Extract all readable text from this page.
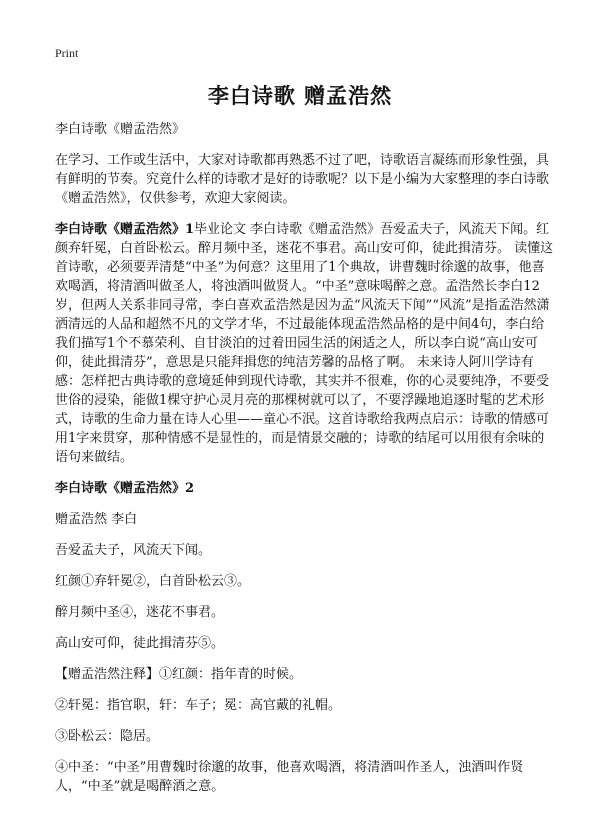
Print
李白诗歌 赠孟浩然

李白诗歌《赠孟浩然》

在学习、工作或生活中，大家对诗歌都再熟悉不过了吧，诗歌语言凝练而形象性强，具有鲜明的节奏。究竟什么样的诗歌才是好的诗歌呢？以下是小编为大家整理的李白诗歌《赠孟浩然》，仅供参考，欢迎大家阅读。

李白诗歌《赠孟浩然》1毕业论文 李白诗歌《赠孟浩然》吾爱孟夫子，风流天下闻。红颜弃轩冕，白首卧松云。醉月频中圣，迷花不事君。高山安可仰，徒此揖清芬。 读懂这首诗歌，必须要弄清楚“中圣”为何意？这里用了1个典故，讲曹魏时徐邈的故事，他喜欢喝酒，将清酒叫做圣人，将浊酒叫做贤人。“中圣”意味喝醉之意。孟浩然长李白12岁，但两人关系非同寻常，李白喜欢孟浩然是因为孟“风流天下闻”“风流”是指孟浩然潇洒清远的人品和超然不凡的文学才华，不过最能体现孟浩然品格的是中间4句，李白给我们描写1个不慕荣利、自甘淡泊的过着田园生活的闲适之人，所以李白说“高山安可仰，徒此揖清芬”，意思是只能拜揖您的纯洁芳馨的品格了啊。 未来诗人阿川学诗有感：怎样把古典诗歌的意境延伸到现代诗歌，其实并不很难，你的心灵要纯净，不要受世俗的浸染，能做1棵守护心灵月亮的那棵树就可以了，不要浮躁地追逐时髦的艺术形式，诗歌的生命力量在诗人心里——童心不泯。这首诗歌给我两点启示：诗歌的情感可用1字来贯穿，那种情感不是显性的，而是情景交融的；诗歌的结尾可以用很有余味的语句来做结。

李白诗歌《赠孟浩然》2

赠孟浩然 李白

吾爱孟夫子，风流天下闻。

红颜①弃轩冕②，白首卧松云③。

醉月频中圣④，迷花不事君。

高山安可仰，徒此揖清芬⑤。

【赠孟浩然注释】①红颜：指年青的时候。

②轩冕：指官职，轩：车子；冕：高官戴的礼帽。

③卧松云：隐居。

④中圣：“中圣”用曹魏时徐邈的故事，他喜欢喝酒，将清酒叫作圣人，浊酒叫作贤人，“中圣”就是喝醉酒之意。
